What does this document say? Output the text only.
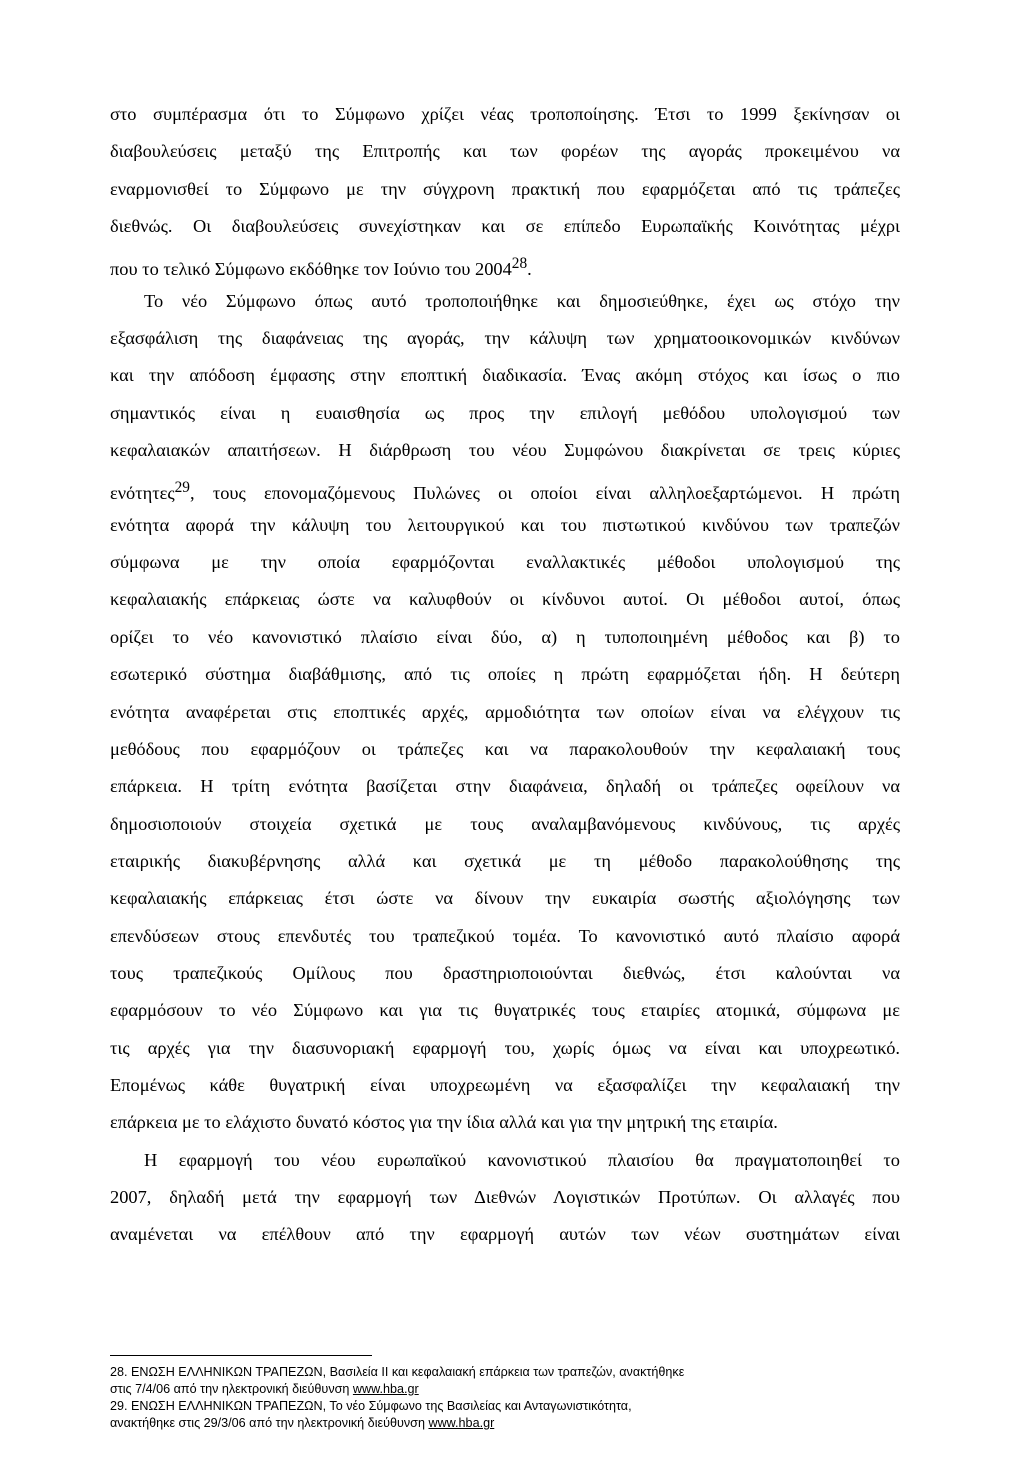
στο συμπέρασμα ότι το Σύμφωνο χρίζει νέας τροποποίησης. Έτσι το 1999 ξεκίνησαν οι
διαβουλεύσεις μεταξύ της Επιτροπής και των φορέων της αγοράς προκειμένου να
εναρμονισθεί το Σύμφωνο με την σύγχρονη πρακτική που εφαρμόζεται από τις τράπεζες
διεθνώς. Οι διαβουλεύσεις συνεχίστηκαν και σε επίπεδο Ευρωπαϊκής Κοινότητας μέχρι
που το τελικό Σύμφωνο εκδόθηκε τον Ιούνιο του 2004$^{28}$.
Το νέο Σύμφωνο όπως αυτό τροποποιήθηκε και δημοσιεύθηκε, έχει ως στόχο την
εξασφάλιση της διαφάνειας της αγοράς, την κάλυψη των χρηματοοικονομικών κινδύνων
και την απόδοση έμφασης στην εποπτική διαδικασία. Ένας ακόμη στόχος και ίσως ο πιο
σημαντικός είναι η ευαισθησία ως προς την επιλογή μεθόδου υπολογισμού των
κεφαλαιακών απαιτήσεων. Η διάρθρωση του νέου Συμφώνου διακρίνεται σε τρεις κύριες
ενότητες$^{29}$, τους επονομαζόμενους Πυλώνες οι οποίοι είναι αλληλοεξαρτώμενοι. Η πρώτη
ενότητα αφορά την κάλυψη του λειτουργικού και του πιστωτικού κινδύνου των τραπεζών
σύμφωνα με την οποία εφαρμόζονται εναλλακτικές μέθοδοι υπολογισμού της
κεφαλαιακής επάρκειας ώστε να καλυφθούν οι κίνδυνοι αυτοί. Οι μέθοδοι αυτοί, όπως
ορίζει το νέο κανονιστικό πλαίσιο είναι δύο, α) η τυποποιημένη μέθοδος και β) το
εσωτερικό σύστημα διαβάθμισης, από τις οποίες η πρώτη εφαρμόζεται ήδη. Η δεύτερη
ενότητα αναφέρεται στις εποπτικές αρχές, αρμοδιότητα των οποίων είναι να ελέγχουν τις
μεθόδους που εφαρμόζουν οι τράπεζες και να παρακολουθούν την κεφαλαιακή τους
επάρκεια. Η τρίτη ενότητα βασίζεται στην διαφάνεια, δηλαδή οι τράπεζες οφείλουν να
δημοσιοποιούν στοιχεία σχετικά με τους αναλαμβανόμενους κινδύνους, τις αρχές
εταιρικής διακυβέρνησης αλλά και σχετικά με τη μέθοδο παρακολούθησης της
κεφαλαιακής επάρκειας έτσι ώστε να δίνουν την ευκαιρία σωστής αξιολόγησης των
επενδύσεων στους επενδυτές του τραπεζικού τομέα. Το κανονιστικό αυτό πλαίσιο αφορά
τους τραπεζικούς Ομίλους που δραστηριοποιούνται διεθνώς, έτσι καλούνται να
εφαρμόσουν το νέο Σύμφωνο και για τις θυγατρικές τους εταιρίες ατομικά, σύμφωνα με
τις αρχές για την διασυνοριακή εφαρμογή του, χωρίς όμως να είναι και υποχρεωτικό.
Επομένως κάθε θυγατρική είναι υποχρεωμένη να εξασφαλίζει την κεφαλαιακή την
επάρκεια με το ελάχιστο δυνατό κόστος για την ίδια αλλά και για την μητρική της εταιρία.
Η εφαρμογή του νέου ευρωπαϊκού κανονιστικού πλαισίου θα πραγματοποιηθεί το
2007, δηλαδή μετά την εφαρμογή των Διεθνών Λογιστικών Προτύπων. Οι αλλαγές που
αναμένεται να επέλθουν από την εφαρμογή αυτών των νέων συστημάτων είναι
28. ΕΝΩΣΗ ΕΛΛΗΝΙΚΩΝ ΤΡΑΠΕΖΩΝ, Βασιλεία ΙΙ και κεφαλαιακή επάρκεια των τραπεζών, ανακτήθηκε
στις 7/4/06 από την ηλεκτρονική διεύθυνση www.hba.gr
29. ΕΝΩΣΗ ΕΛΛΗΝΙΚΩΝ ΤΡΑΠΕΖΩΝ, Το νέο Σύμφωνο της Βασιλείας και Ανταγωνιστικότητα,
ανακτήθηκε στις 29/3/06 από την ηλεκτρονική διεύθυνση www.hba.gr
